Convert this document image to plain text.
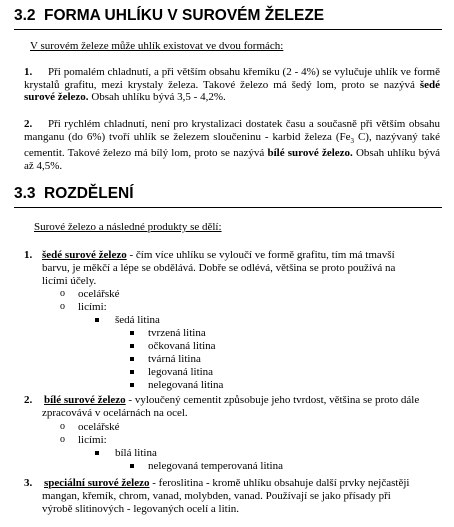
3.2 FORMA UHLÍKU V SUROVÉM ŽELEZE
V surovém železe může uhlík existovat ve dvou formách:
1.	Při pomalém chladnutí, a při větším obsahu křemíku (2 - 4%) se vylučuje uhlík ve formě krystalů grafitu, mezi krystaly železa. Takové železo má šedý lom, proto se nazývá šedé surové železo. Obsah uhlíku bývá 3,5 - 4,2%.
2.	Při rychlém chladnutí, není pro krystalizaci dostatek času a současně při větším obsahu manganu (do 6%) tvoří uhlík se železem sloučeninu - karbid železa ($Fe_3$ C), nazývaný také cementit. Takové železo má bílý lom, proto se nazývá bílé surové železo. Obsah uhlíku bývá až 4,5%.
3.3 ROZDĚLENÍ
Surové železo a následné produkty se dělí:
1. šedé surové železo - čím více uhlíku se vyloučí ve formě grafitu, tím má tmavší
barvu, je měkčí a lépe se obdělává. Dobře se odlévá, většina se proto používá na
licími účely.
o ocelářské
o licími:
šedá litina
tvrzená litina
očkovaná litina
tvárná litina
legovaná litina
nelegovaná litina
2. bílé surové železo - vyloučený cementit způsobuje jeho tvrdost, většina se proto dále
zpracovává v ocelárnách na ocel.
o ocelářské
o licími:
bílá litina
nelegovaná temperovaná litina
3. speciální surové železo - feroslitina - kromě uhlíku obsahuje další prvky nejčastěji
mangan, křemík, chrom, vanad, molybden, vanad. Používají se jako přísady při
výrobě slitinových - legovaných ocelí a litin.
